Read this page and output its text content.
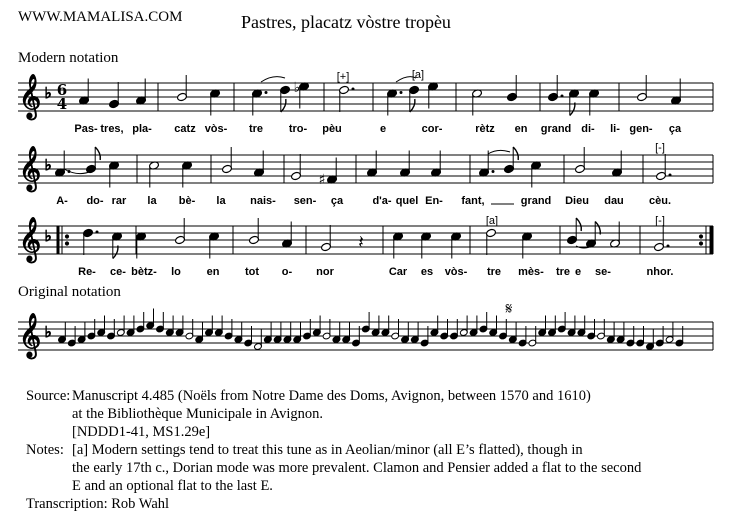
WWW.MAMALISA.COM	Pastres, placatz vòstre tropèu
Modern notation
Original notation
𝄞 ♭
𝄞 ♭
𝄞 ♭
𝄞 ♭
♭
♯
𝄽
𝄋
6
4
[+]	[a]
[-]
[a]	[-]
Pas- tres, pla- catz vòs- tre tro- pèu	e	cor-	rètz en grand di- li- gen- ça
A- do- rar la bè- la nais- sen- ça	d'a- quel En- fant,	grand Dieu dau cèu.
Re- ce- bètz- lo en tot o- nor	Car es vòs- tre mès- tre e se-	nhor.
Source: Manuscript 4.485 (Noëls from Notre Dame des Doms, Avignon, between 1570 and 1610)
at the Bibliothèque Municipale in Avignon.
[NDDD1-41, MS1.29e]
Notes: [a] Modern settings tend to treat this tune as in Aeolian/minor (all E’s flatted), though in
the early 17th c., Dorian mode was more prevalent. Clamon and Pensier added a flat to the second
E and an optional flat to the last E.
Transcription: Rob Wahl
